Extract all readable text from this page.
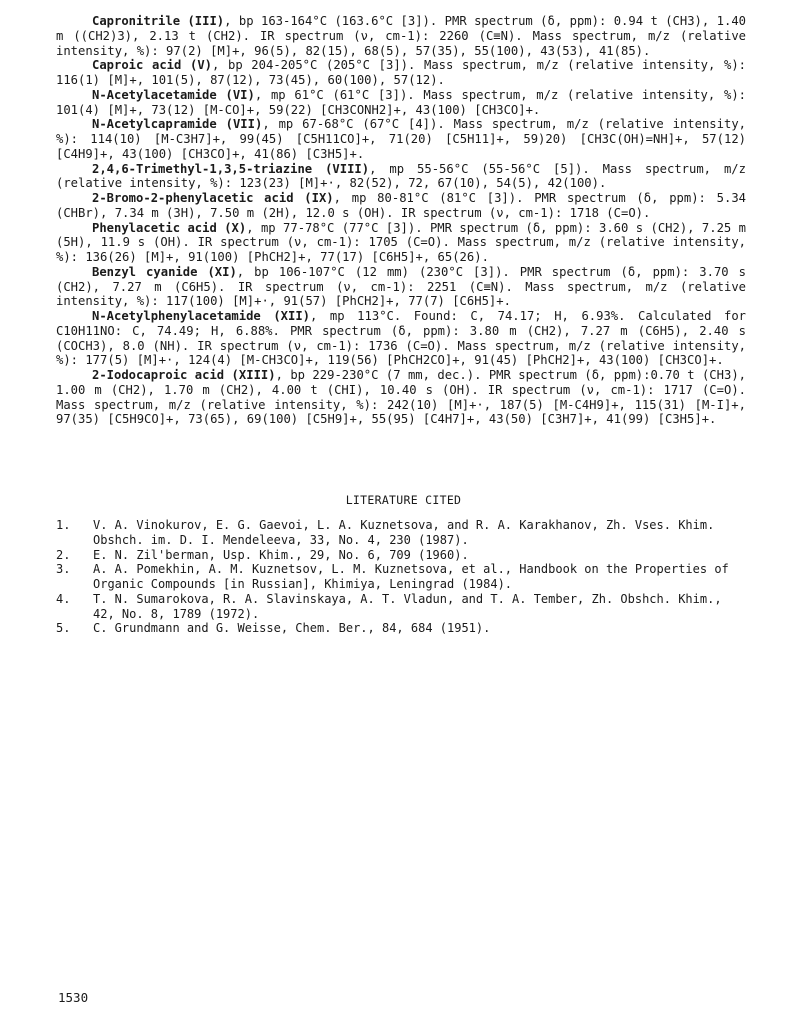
Capronitrile (III), bp 163-164°C (163.6°C [3]). PMR spectrum (δ, ppm): 0.94 t (CH3), 1.40 m ((CH2)3), 2.13 t (CH2). IR spectrum (ν, cm-1): 2260 (C≡N). Mass spectrum, m/z (relative intensity, %): 97(2) [M]+, 96(5), 82(15), 68(5), 57(35), 55(100), 43(53), 41(85).

Caproic acid (V), bp 204-205°C (205°C [3]). Mass spectrum, m/z (relative intensity, %): 116(1) [M]+, 101(5), 87(12), 73(45), 60(100), 57(12).

N-Acetylacetamide (VI), mp 61°C (61°C [3]). Mass spectrum, m/z (relative intensity, %): 101(4) [M]+, 73(12) [M-CO]+, 59(22) [CH3CONH2]+, 43(100) [CH3CO]+.

N-Acetylcapramide (VII), mp 67-68°C (67°C [4]). Mass spectrum, m/z (relative intensity, %): 114(10) [M-C3H7]+, 99(45) [C5H11CO]+, 71(20) [C5H11]+, 59)20) [CH3C(OH)=NH]+, 57(12) [C4H9]+, 43(100) [CH3CO]+, 41(86) [C3H5]+.

2,4,6-Trimethyl-1,3,5-triazine (VIII), mp 55-56°C (55-56°C [5]). Mass spectrum, m/z (relative intensity, %): 123(23) [M]+·, 82(52), 72, 67(10), 54(5), 42(100).

2-Bromo-2-phenylacetic acid (IX), mp 80-81°C (81°C [3]). PMR spectrum (δ, ppm): 5.34 (CHBr), 7.34 m (3H), 7.50 m (2H), 12.0 s (OH). IR spectrum (ν, cm-1): 1718 (C=O).

Phenylacetic acid (X), mp 77-78°C (77°C [3]). PMR spectrum (δ, ppm): 3.60 s (CH2), 7.25 m (5H), 11.9 s (OH). IR spectrum (ν, cm-1): 1705 (C=O). Mass spectrum, m/z (relative intensity, %): 136(26) [M]+, 91(100) [PhCH2]+, 77(17) [C6H5]+, 65(26).

Benzyl cyanide (XI), bp 106-107°C (12 mm) (230°C [3]). PMR spectrum (δ, ppm): 3.70 s (CH2), 7.27 m (C6H5). IR spectrum (ν, cm-1): 2251 (C≡N). Mass spectrum, m/z (relative intensity, %): 117(100) [M]+·, 91(57) [PhCH2]+, 77(7) [C6H5]+.

N-Acetylphenylacetamide (XII), mp 113°C. Found: C, 74.17; H, 6.93%. Calculated for C10H11NO: C, 74.49; H, 6.88%. PMR spectrum (δ, ppm): 3.80 m (CH2), 7.27 m (C6H5), 2.40 s (COCH3), 8.0 (NH). IR spectrum (ν, cm-1): 1736 (C=O). Mass spectrum, m/z (relative intensity, %): 177(5) [M]+·, 124(4) [M-CH3CO]+, 119(56) [PhCH2CO]+, 91(45) [PhCH2]+, 43(100) [CH3CO]+.

2-Iodocaproic acid (XIII), bp 229-230°C (7 mm, dec.). PMR spectrum (δ, ppm):0.70 t (CH3), 1.00 m (CH2), 1.70 m (CH2), 4.00 t (CHI), 10.40 s (OH). IR spectrum (ν, cm-1): 1717 (C=O). Mass spectrum, m/z (relative intensity, %): 242(10) [M]+·, 187(5) [M-C4H9]+, 115(31) [M-I]+, 97(35) [C5H9CO]+, 73(65), 69(100) [C5H9]+, 55(95) [C4H7]+, 43(50) [C3H7]+, 41(99) [C3H5]+.

LITERATURE CITED

1.	V. A. Vinokurov, E. G. Gaevoi, L. A. Kuznetsova, and R. A. Karakhanov, Zh. Vses. Khim. Obshch. im. D. I. Mendeleeva, 33, No. 4, 230 (1987).

2.	E. N. Zil'berman, Usp. Khim., 29, No. 6, 709 (1960).

3.	A. A. Pomekhin, A. M. Kuznetsov, L. M. Kuznetsova, et al., Handbook on the Properties of Organic Compounds [in Russian], Khimiya, Leningrad (1984).

4.	T. N. Sumarokova, R. A. Slavinskaya, A. T. Vladun, and T. A. Tember, Zh. Obshch. Khim., 42, No. 8, 1789 (1972).

5.	C. Grundmann and G. Weisse, Chem. Ber., 84, 684 (1951).

1530
